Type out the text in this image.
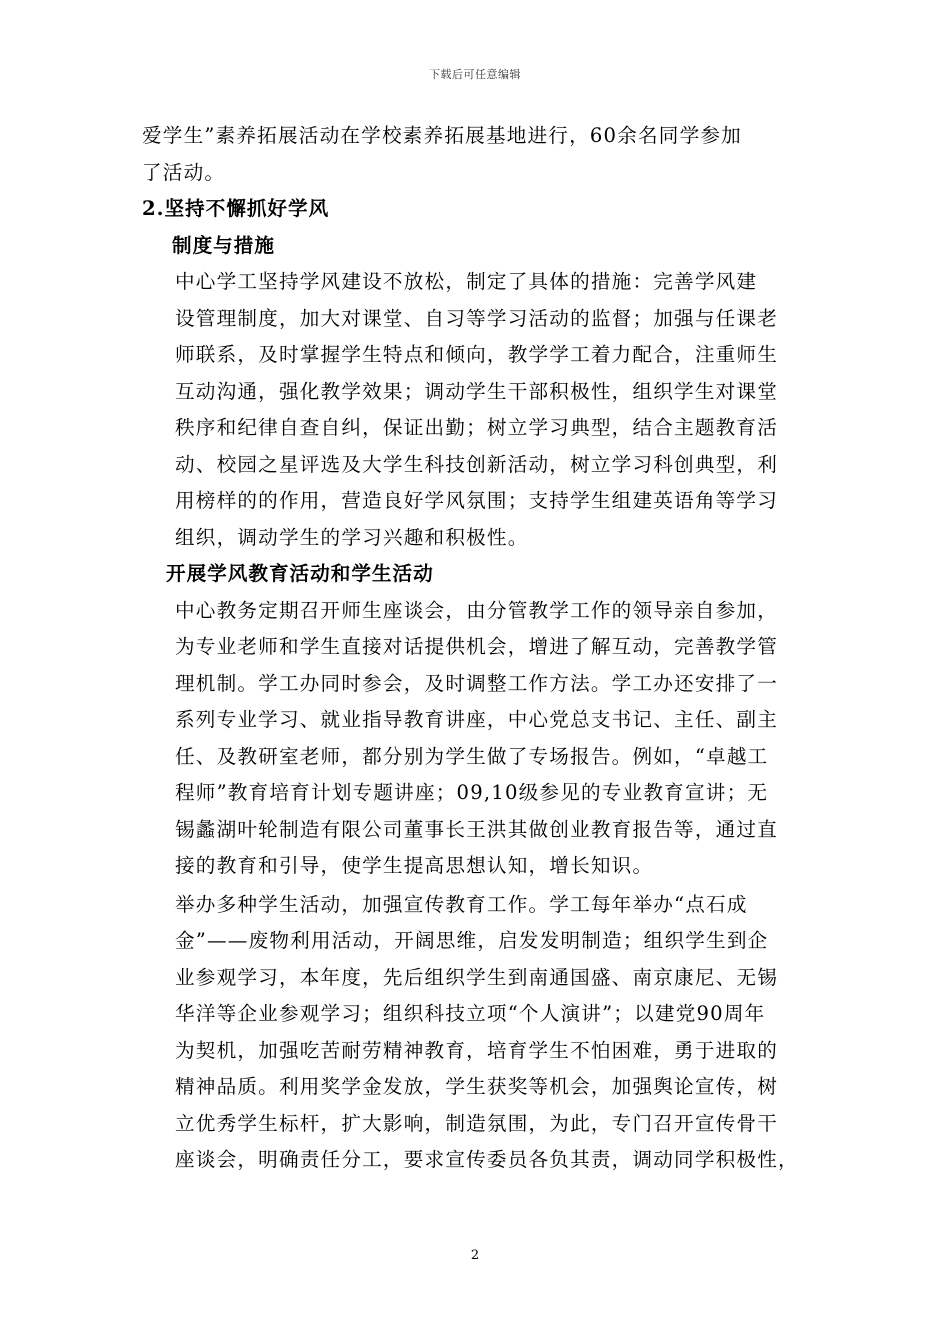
下载后可任意编辑

爱学生”素养拓展活动在学校素养拓展基地进行，60余名同学参加
了活动。

2.坚持不懈抓好学风

制度与措施

中心学工坚持学风建设不放松，制定了具体的措施：完善学风建
设管理制度，加大对课堂、自习等学习活动的监督；加强与任课老
师联系，及时掌握学生特点和倾向，教学学工着力配合，注重师生
互动沟通，强化教学效果；调动学生干部积极性，组织学生对课堂
秩序和纪律自查自纠，保证出勤；树立学习典型，结合主题教育活
动、校园之星评选及大学生科技创新活动，树立学习科创典型，利
用榜样的的作用，营造良好学风氛围；支持学生组建英语角等学习
组织，调动学生的学习兴趣和积极性。

开展学风教育活动和学生活动

中心教务定期召开师生座谈会，由分管教学工作的领导亲自参加，
为专业老师和学生直接对话提供机会，增进了解互动，完善教学管
理机制。学工办同时参会，及时调整工作方法。学工办还安排了一
系列专业学习、就业指导教育讲座，中心党总支书记、主任、副主
任、及教研室老师，都分别为学生做了专场报告。例如，“卓越工
程师”教育培育计划专题讲座；09,10级参见的专业教育宣讲；无
锡蠡湖叶轮制造有限公司董事长王洪其做创业教育报告等，通过直
接的教育和引导，使学生提高思想认知，增长知识。

举办多种学生活动，加强宣传教育工作。学工每年举办“点石成
金”——废物利用活动，开阔思维，启发发明制造；组织学生到企
业参观学习，本年度，先后组织学生到南通国盛、南京康尼、无锡
华洋等企业参观学习；组织科技立项“个人演讲”；以建党90周年
为契机，加强吃苦耐劳精神教育，培育学生不怕困难，勇于进取的
精神品质。利用奖学金发放，学生获奖等机会，加强舆论宣传，树
立优秀学生标杆，扩大影响，制造氛围，为此，专门召开宣传骨干
座谈会，明确责任分工，要求宣传委员各负其责，调动同学积极性，

2
